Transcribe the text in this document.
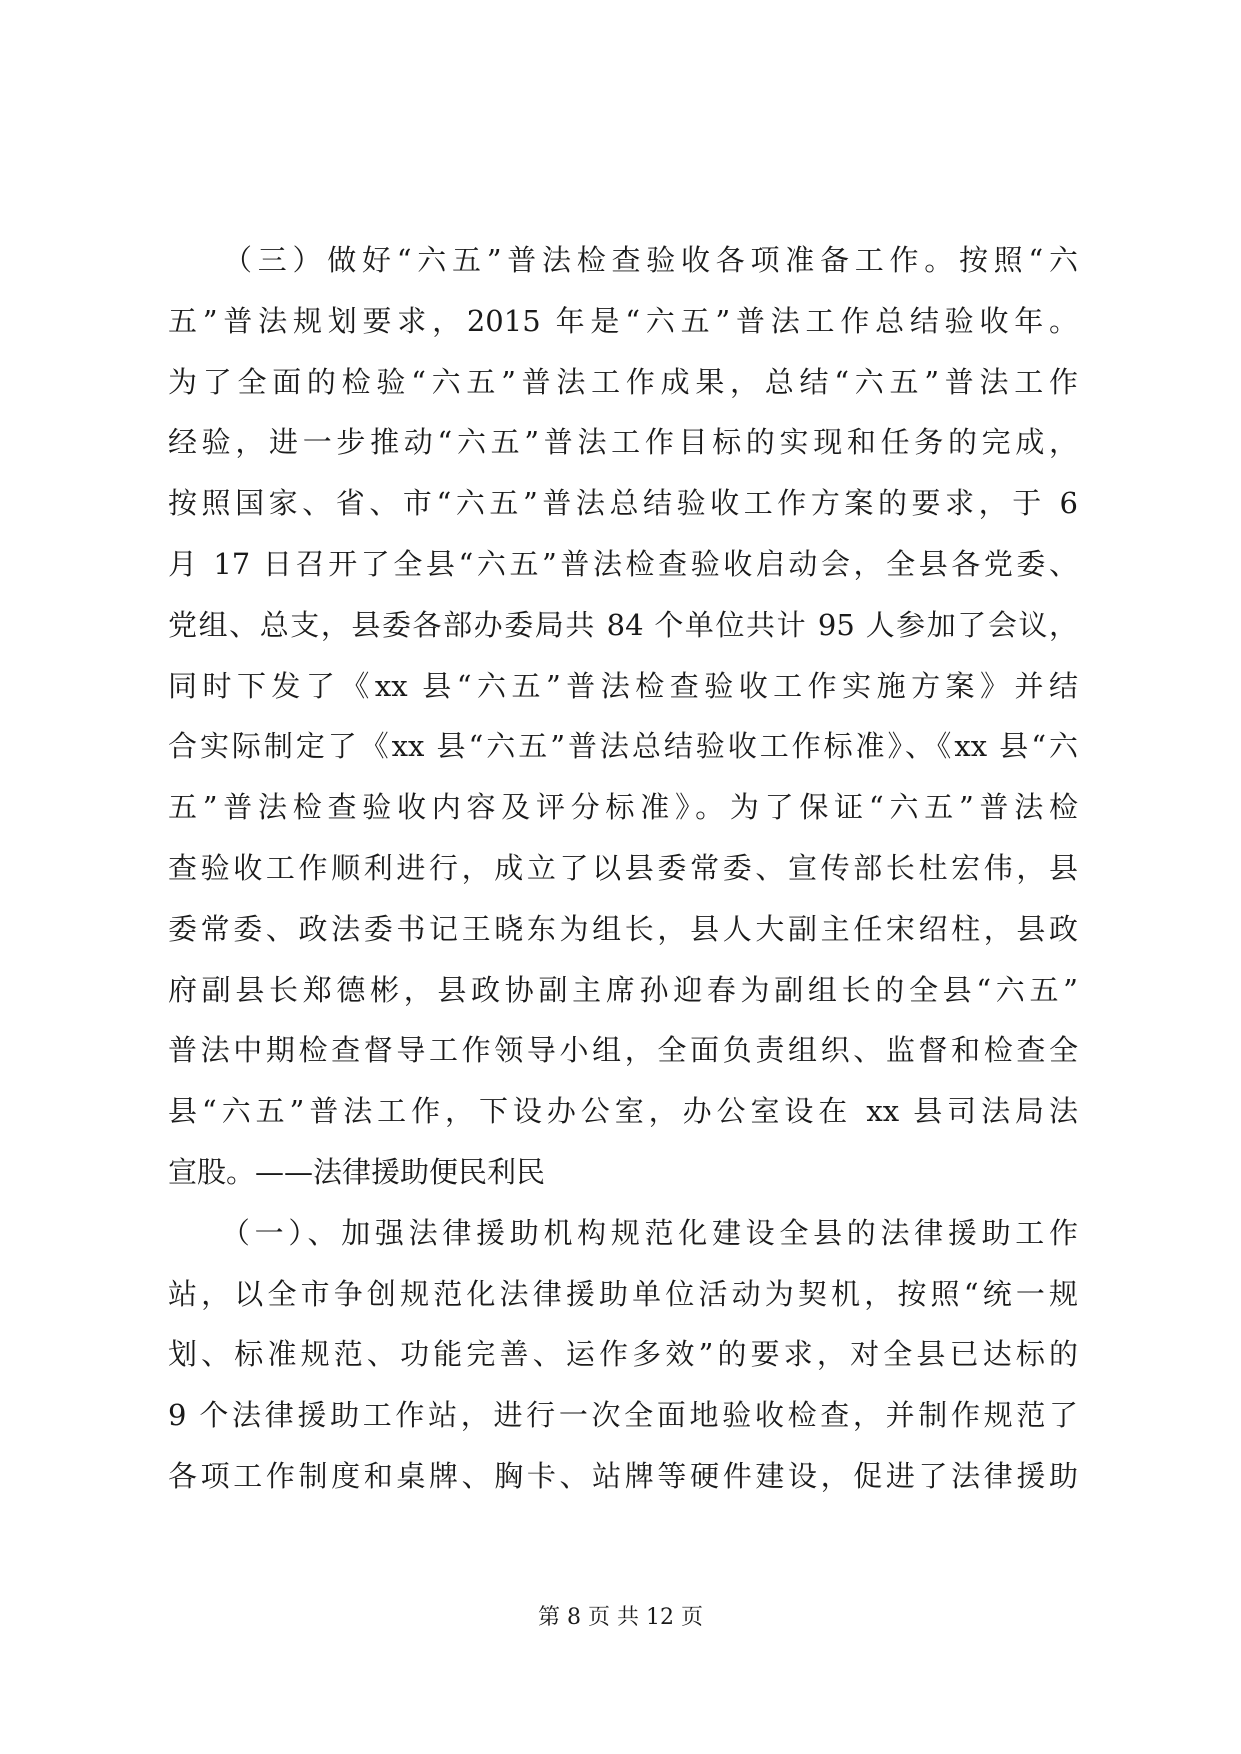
　　（三）做好“六五”普法检查验收各项准备工作。按照“六
五”普法规划要求，2015 年是“六五”普法工作总结验收年。
为了全面的检验“六五”普法工作成果，总结“六五”普法工作
经验，进一步推动“六五”普法工作目标的实现和任务的完成，
按照国家、省、市“六五”普法总结验收工作方案的要求，于 6
月 17 日召开了全县“六五”普法检查验收启动会，全县各党委、
党组、总支，县委各部办委局共 84 个单位共计 95 人参加了会议，
同时下发了《xx 县“六五”普法检查验收工作实施方案》并结
合实际制定了《xx 县“六五”普法总结验收工作标准》、《xx 县“六
五”普法检查验收内容及评分标准》。为了保证“六五”普法检
查验收工作顺利进行，成立了以县委常委、宣传部长杜宏伟，县
委常委、政法委书记王晓东为组长，县人大副主任宋绍柱，县政
府副县长郑德彬，县政协副主席孙迎春为副组长的全县“六五”
普法中期检查督导工作领导小组，全面负责组织、监督和检查全
县“六五”普法工作，下设办公室，办公室设在 xx 县司法局法
宣股。——法律援助便民利民
　　（一）、加强法律援助机构规范化建设全县的法律援助工作
站，以全市争创规范化法律援助单位活动为契机，按照“统一规
划、标准规范、功能完善、运作多效”的要求，对全县已达标的
9 个法律援助工作站，进行一次全面地验收检查，并制作规范了
各项工作制度和桌牌、胸卡、站牌等硬件建设，促进了法律援助
第 8 页 共 12 页
